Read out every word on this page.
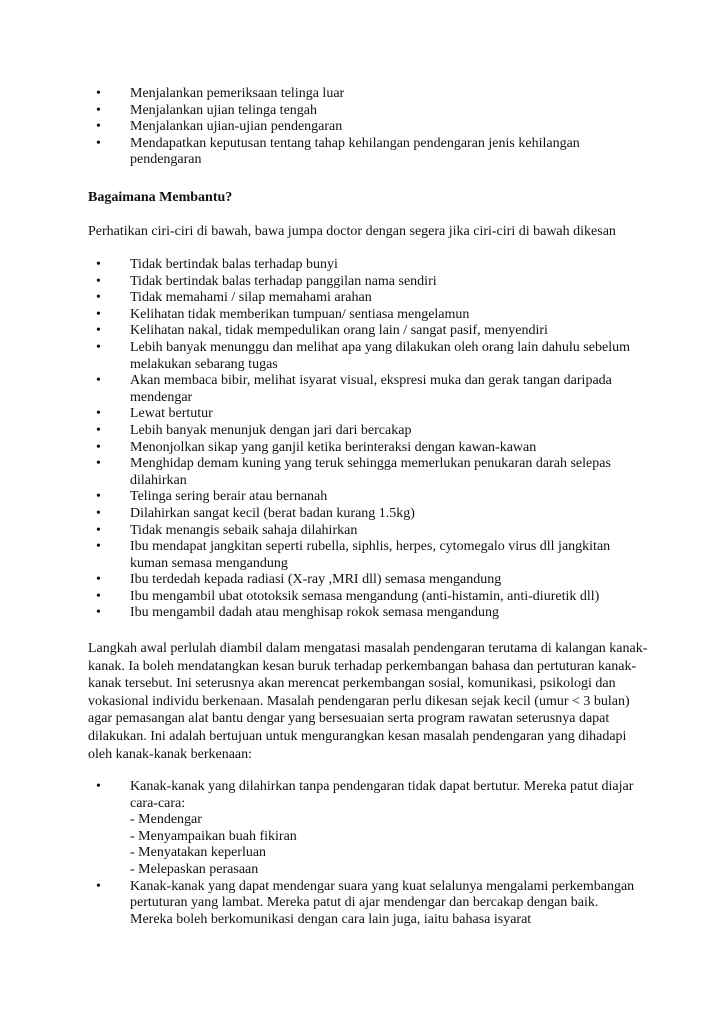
• Menjalankan pemeriksaan telinga luar
• Menjalankan ujian telinga tengah
• Menjalankan ujian-ujian pendengaran
• Mendapatkan keputusan tentang tahap kehilangan pendengaran jenis kehilangan pendengaran
Bagaimana Membantu?
Perhatikan ciri-ciri di bawah, bawa jumpa doctor dengan segera jika ciri-ciri di bawah dikesan
• Tidak bertindak balas terhadap bunyi
• Tidak bertindak balas terhadap panggilan nama sendiri
• Tidak memahami / silap memahami arahan
• Kelihatan tidak memberikan tumpuan/ sentiasa mengelamun
• Kelihatan nakal, tidak mempedulikan orang lain / sangat pasif, menyendiri
• Lebih banyak menunggu dan melihat apa yang dilakukan oleh orang lain dahulu sebelum melakukan sebarang tugas
• Akan membaca bibir, melihat isyarat visual, ekspresi muka dan gerak tangan daripada mendengar
• Lewat bertutur
• Lebih banyak menunjuk dengan jari dari bercakap
• Menonjolkan sikap yang ganjil ketika berinteraksi dengan kawan-kawan
• Menghidap demam kuning yang teruk sehingga memerlukan penukaran darah selepas dilahirkan
• Telinga sering berair atau bernanah
• Dilahirkan sangat kecil (berat badan kurang 1.5kg)
• Tidak menangis sebaik sahaja dilahirkan
• Ibu mendapat jangkitan seperti rubella, siphlis, herpes, cytomegalo virus dll jangkitan kuman semasa mengandung
• Ibu terdedah kepada radiasi (X-ray ,MRI dll) semasa mengandung
• Ibu mengambil ubat ototoksik semasa mengandung (anti-histamin, anti-diuretik dll)
• Ibu mengambil dadah atau menghisap rokok semasa mengandung
Langkah awal perlulah diambil dalam mengatasi masalah pendengaran terutama di kalangan kanak-kanak. Ia boleh mendatangkan kesan buruk terhadap perkembangan bahasa dan pertuturan kanak-kanak tersebut. Ini seterusnya akan merencat perkembangan sosial, komunikasi, psikologi dan vokasional individu berkenaan. Masalah pendengaran perlu dikesan sejak kecil (umur < 3 bulan) agar pemasangan alat bantu dengar yang bersesuaian serta program rawatan seterusnya dapat dilakukan. Ini adalah bertujuan untuk mengurangkan kesan masalah pendengaran yang dihadapi oleh kanak-kanak berkenaan:
• Kanak-kanak yang dilahirkan tanpa pendengaran tidak dapat bertutur. Mereka patut diajar cara-cara:
- Mendengar
- Menyampaikan buah fikiran
- Menyatakan keperluan
- Melepaskan perasaan
• Kanak-kanak yang dapat mendengar suara yang kuat selalunya mengalami perkembangan pertuturan yang lambat. Mereka patut di ajar mendengar dan bercakap dengan baik. Mereka boleh berkomunikasi dengan cara lain juga, iaitu bahasa isyarat
